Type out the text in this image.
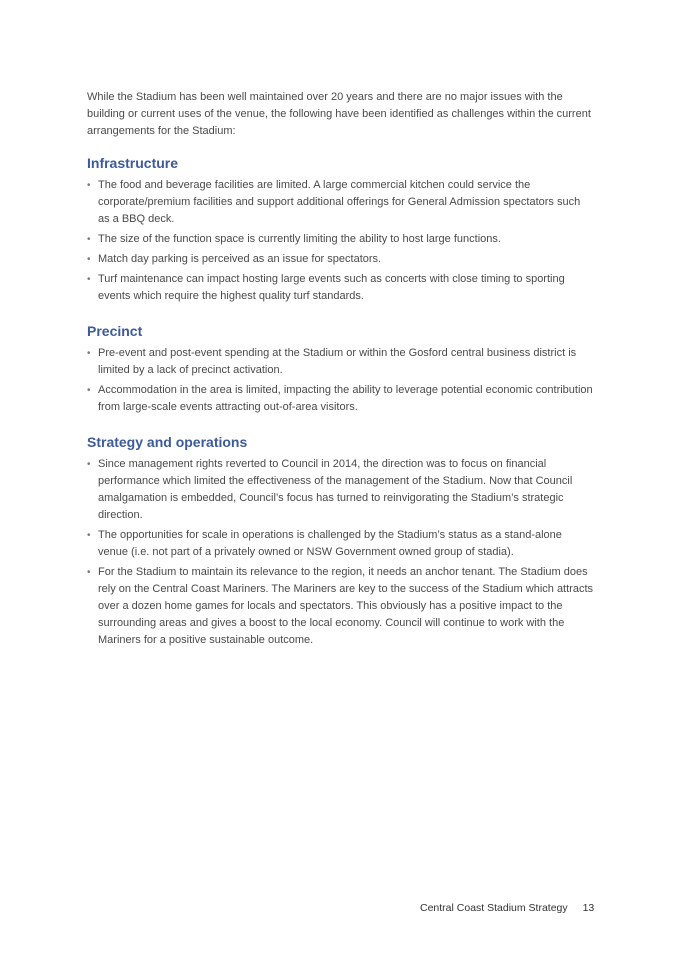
While the Stadium has been well maintained over 20 years and there are no major issues with the building or current uses of the venue, the following have been identified as challenges within the current arrangements for the Stadium:

Infrastructure
• The food and beverage facilities are limited. A large commercial kitchen could service the corporate/premium facilities and support additional offerings for General Admission spectators such as a BBQ deck.
• The size of the function space is currently limiting the ability to host large functions.
• Match day parking is perceived as an issue for spectators.
• Turf maintenance can impact hosting large events such as concerts with close timing to sporting events which require the highest quality turf standards.
Precinct
• Pre-event and post-event spending at the Stadium or within the Gosford central business district is limited by a lack of precinct activation.
• Accommodation in the area is limited, impacting the ability to leverage potential economic contribution from large-scale events attracting out-of-area visitors.
Strategy and operations
• Since management rights reverted to Council in 2014, the direction was to focus on financial performance which limited the effectiveness of the management of the Stadium. Now that Council amalgamation is embedded, Council’s focus has turned to reinvigorating the Stadium’s strategic direction.
• The opportunities for scale in operations is challenged by the Stadium’s status as a stand-alone venue (i.e. not part of a privately owned or NSW Government owned group of stadia).
• For the Stadium to maintain its relevance to the region, it needs an anchor tenant. The Stadium does rely on the Central Coast Mariners. The Mariners are key to the success of the Stadium which attracts over a dozen home games for locals and spectators. This obviously has a positive impact to the surrounding areas and gives a boost to the local economy. Council will continue to work with the Mariners for a positive sustainable outcome.
Central Coast Stadium Strategy 13
